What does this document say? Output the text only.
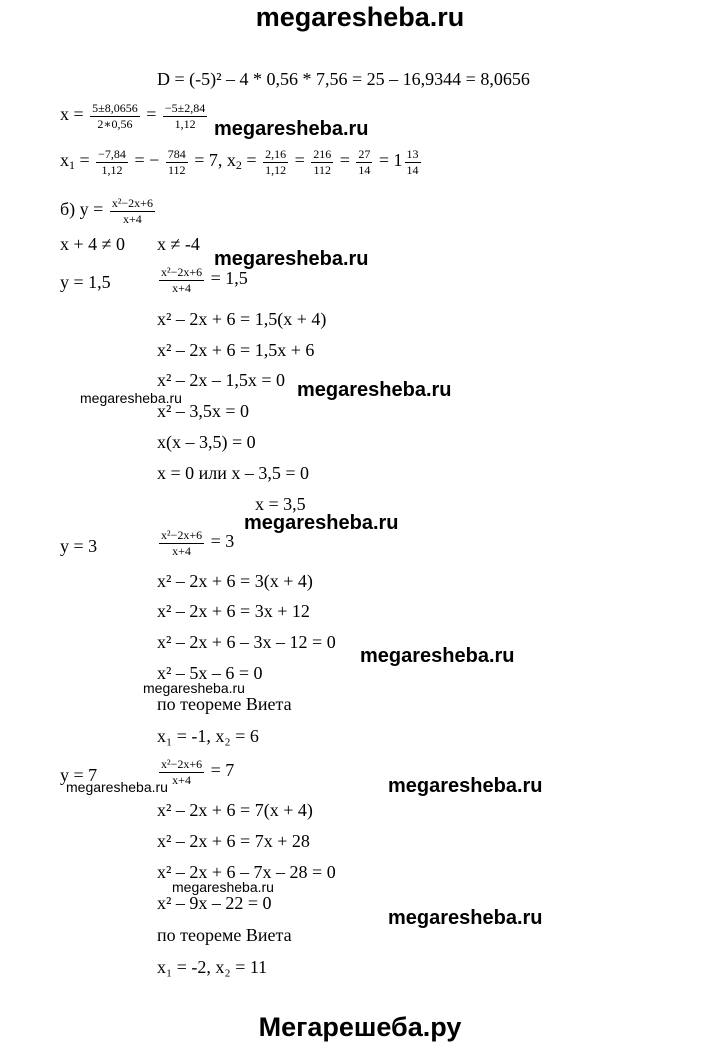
megaresheba.ru
D = (-5)² – 4 * 0,56 * 7,56 = 25 – 16,9344 = 8,0656
$x = \frac{5\pm 8,0656}{2∗0,56} = \frac{-5\pm 2,84}{1,12}$
$x_1 = \frac{-7,84}{1,12}$ = − $\frac{784}{112} = 7$, $x_2 = \frac{2,16}{1,12} = \frac{216}{112} = \frac{27}{14} = 1 \frac{13}{14}$
б) $y = \frac{\text{x²−2x+6}}{x+4}$
x + 4 ≠ 0 x ≠ -4
y = 1,5	$\frac{\text{x²−2x+6}}{x+4} = 1,5$
x² – 2x + 6 = 1,5(x + 4)
x² – 2x + 6 = 1,5x + 6
x² – 2x – 1,5x = 0
x² – 3,5x = 0
x(x – 3,5) = 0
x = 0 или x – 3,5 = 0
x = 3,5
y = 3	$\frac{\text{x²−2x+6}}{x+4} = 3$
x² – 2x + 6 = 3(x + 4)
x² – 2x + 6 = 3x + 12
x² – 2x + 6 – 3x – 12 = 0
x² – 5x – 6 = 0
по теореме Виета
x₁ = -1, x₂ = 6
y = 7	$\frac{\text{x²−2x+6}}{x+4} = 7$
x² – 2x + 6 = 7(x + 4)
x² – 2x + 6 = 7x + 28
x² – 2x + 6 – 7x – 28 = 0
x² – 9x – 22 = 0
по теореме Виета
x₁ = -2, x₂ = 11
megaresheba.ru
megaresheba.ru
megaresheba.ru
megaresheba.ru
megaresheba.ru
megaresheba.ru
megaresheba.ru
megaresheba.ru	megaresheba.ru
megaresheba.ru
megaresheba.ru
Мегарешеба.ру
